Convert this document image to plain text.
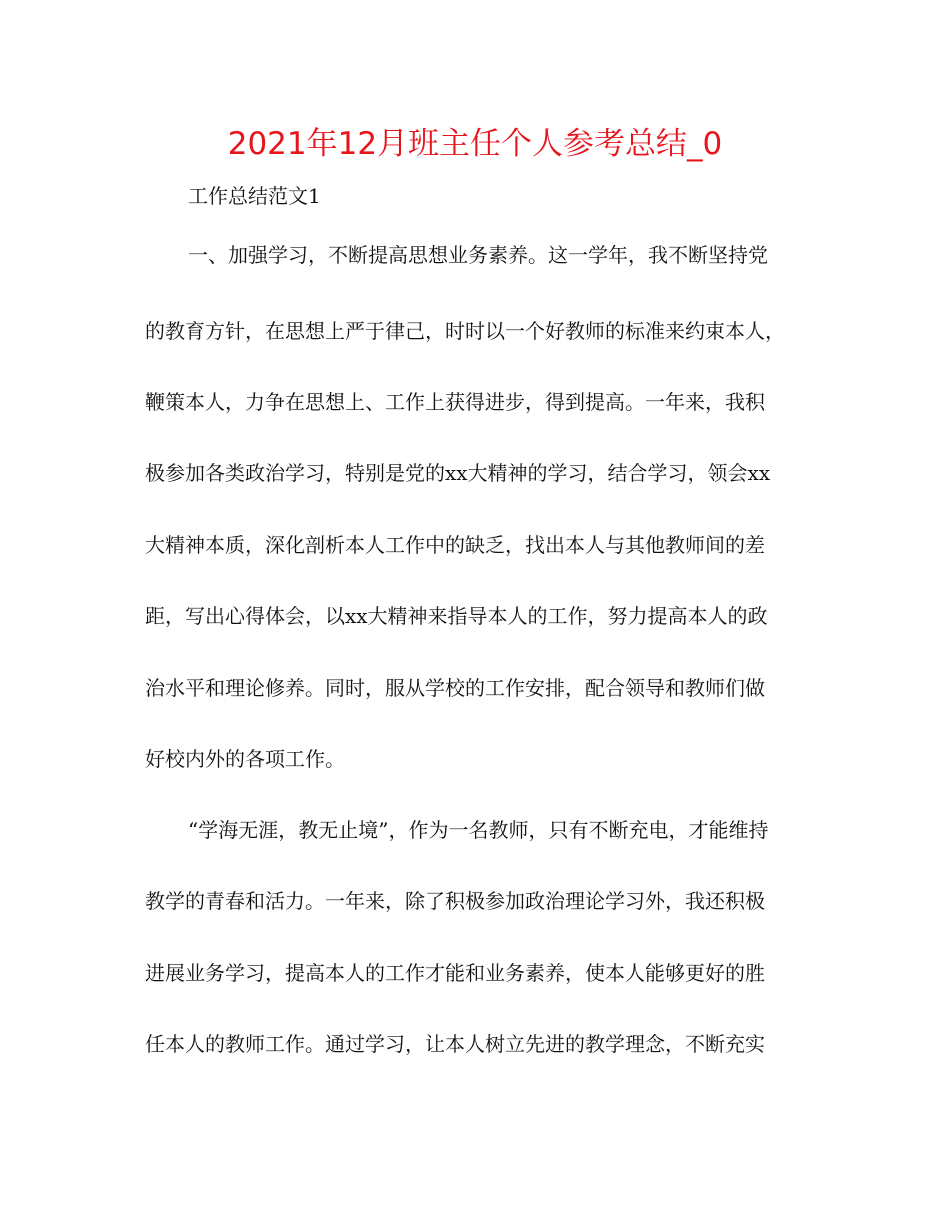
2021年12月班主任个人参考总结_0
工作总结范文1
一、加强学习，不断提高思想业务素养。这一学年，我不断坚持党
的教育方针，在思想上严于律己，时时以一个好教师的标准来约束本人，
鞭策本人，力争在思想上、工作上获得进步，得到提高。一年来，我积
极参加各类政治学习，特别是党的xx大精神的学习，结合学习，领会xx
大精神本质，深化剖析本人工作中的缺乏，找出本人与其他教师间的差
距，写出心得体会，以xx大精神来指导本人的工作，努力提高本人的政
治水平和理论修养。同时，服从学校的工作安排，配合领导和教师们做
好校内外的各项工作。
“学海无涯，教无止境”，作为一名教师，只有不断充电，才能维持
教学的青春和活力。一年来，除了积极参加政治理论学习外，我还积极
进展业务学习，提高本人的工作才能和业务素养，使本人能够更好的胜
任本人的教师工作。通过学习，让本人树立先进的教学理念，不断充实
